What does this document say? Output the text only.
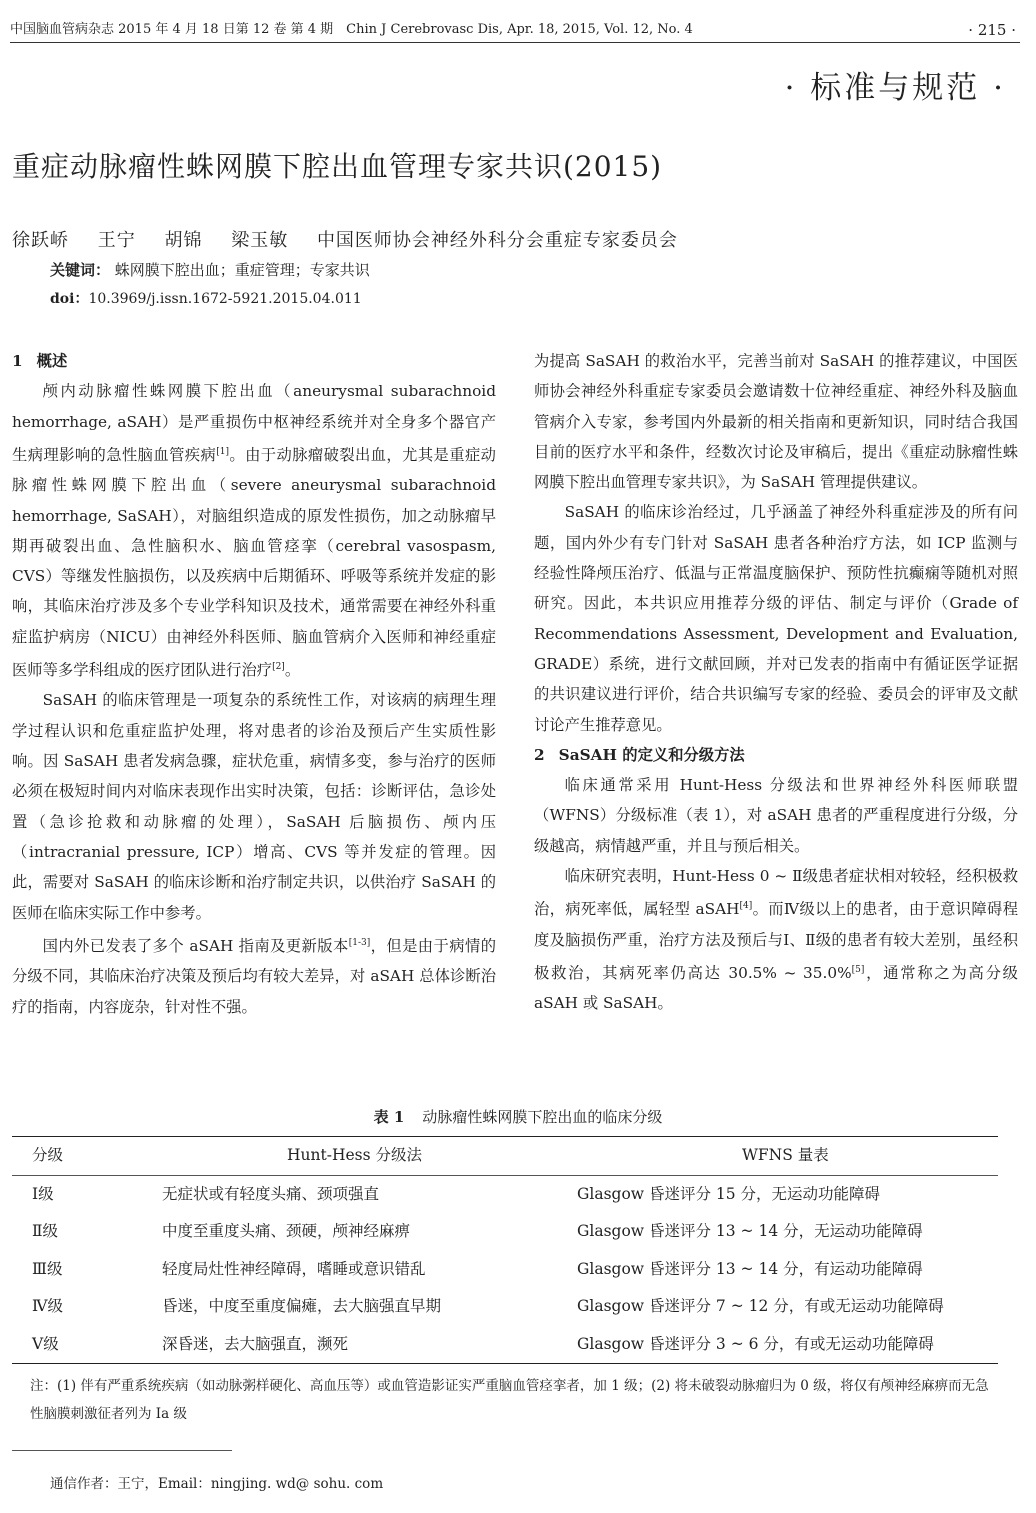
中国脑血管病杂志 2015 年 4 月 18 日第 12 卷 第 4 期　Chin J Cerebrovasc Dis, Apr. 18, 2015, Vol. 12, No. 4	· 215 ·
· 标准与规范 ·
重症动脉瘤性蛛网膜下腔出血管理专家共识(2015)
徐跃峤 王宁 胡锦 梁玉敏 中国医师协会神经外科分会重症专家委员会
关键词： 蛛网膜下腔出血；重症管理；专家共识
doi：10.3969/j.issn.1672-5921.2015.04.011
1 概述

颅内动脉瘤性蛛网膜下腔出血（aneurysmal subarachnoid hemorrhage, aSAH）是严重损伤中枢神经系统并对全身多个器官产生病理影响的急性脑血管疾病[1]。由于动脉瘤破裂出血，尤其是重症动脉瘤性蛛网膜下腔出血（severe aneurysmal subarachnoid hemorrhage, SaSAH），对脑组织造成的原发性损伤，加之动脉瘤早期再破裂出血、急性脑积水、脑血管痉挛（cerebral vasospasm, CVS）等继发性脑损伤，以及疾病中后期循环、呼吸等系统并发症的影响，其临床治疗涉及多个专业学科知识及技术，通常需要在神经外科重症监护病房（NICU）由神经外科医师、脑血管病介入医师和神经重症医师等多学科组成的医疗团队进行治疗[2]。

SaSAH 的临床管理是一项复杂的系统性工作，对该病的病理生理学过程认识和危重症监护处理，将对患者的诊治及预后产生实质性影响。因 SaSAH 患者发病急骤，症状危重，病情多变，参与治疗的医师必须在极短时间内对临床表现作出实时决策，包括：诊断评估，急诊处置（急诊抢救和动脉瘤的处理），SaSAH 后脑损伤、颅内压（intracranial pressure, ICP）增高、CVS 等并发症的管理。因此，需要对 SaSAH 的临床诊断和治疗制定共识，以供治疗 SaSAH 的医师在临床实际工作中参考。

国内外已发表了多个 aSAH 指南及更新版本[1-3]，但是由于病情的分级不同，其临床治疗决策及预后均有较大差异，对 aSAH 总体诊断治疗的指南，内容庞杂，针对性不强。

为提高 SaSAH 的救治水平，完善当前对 SaSAH 的推荐建议，中国医师协会神经外科重症专家委员会邀请数十位神经重症、神经外科及脑血管病介入专家，参考国内外最新的相关指南和更新知识，同时结合我国目前的医疗水平和条件，经数次讨论及审稿后，提出《重症动脉瘤性蛛网膜下腔出血管理专家共识》，为 SaSAH 管理提供建议。

SaSAH 的临床诊治经过，几乎涵盖了神经外科重症涉及的所有问题，国内外少有专门针对 SaSAH 患者各种治疗方法，如 ICP 监测与经验性降颅压治疗、低温与正常温度脑保护、预防性抗癫痫等随机对照研究。因此，本共识应用推荐分级的评估、制定与评价（Grade of Recommendations Assessment, Development and Evaluation, GRADE）系统，进行文献回顾，并对已发表的指南中有循证医学证据的共识建议进行评价，结合共识编写专家的经验、委员会的评审及文献讨论产生推荐意见。

2 SaSAH 的定义和分级方法

临床通常采用 Hunt-Hess 分级法和世界神经外科医师联盟（WFNS）分级标准（表 1），对 aSAH 患者的严重程度进行分级，分级越高，病情越严重，并且与预后相关。

临床研究表明，Hunt-Hess 0 ~ Ⅱ级患者症状相对较轻，经积极救治，病死率低，属轻型 aSAH[4]。而Ⅳ级以上的患者，由于意识障碍程度及脑损伤严重，治疗方法及预后与Ⅰ、Ⅱ级的患者有较大差别，虽经积极救治，其病死率仍高达 30.5% ~ 35.0%[5]，通常称之为高分级 aSAH 或 SaSAH。

表 1 动脉瘤性蛛网膜下腔出血的临床分级
分级	Hunt-Hess 分级法	WFNS 量表
Ⅰ级	无症状或有轻度头痛、颈项强直	Glasgow 昏迷评分 15 分，无运动功能障碍
Ⅱ级	中度至重度头痛、颈硬，颅神经麻痹	Glasgow 昏迷评分 13 ~ 14 分，无运动功能障碍
Ⅲ级	轻度局灶性神经障碍，嗜睡或意识错乱	Glasgow 昏迷评分 13 ~ 14 分，有运动功能障碍
Ⅳ级	昏迷，中度至重度偏瘫，去大脑强直早期	Glasgow 昏迷评分 7 ~ 12 分，有或无运动功能障碍
Ⅴ级	深昏迷，去大脑强直，濒死	Glasgow 昏迷评分 3 ~ 6 分，有或无运动功能障碍
注：(1) 伴有严重系统疾病（如动脉粥样硬化、高血压等）或血管造影证实严重脑血管痉挛者，加 1 级；(2) 将未破裂动脉瘤归为 0 级，将仅有颅神经麻痹而无急性脑膜刺激征者列为 Ⅰa 级
通信作者：王宁，Email：ningjing. wd@ sohu. com
